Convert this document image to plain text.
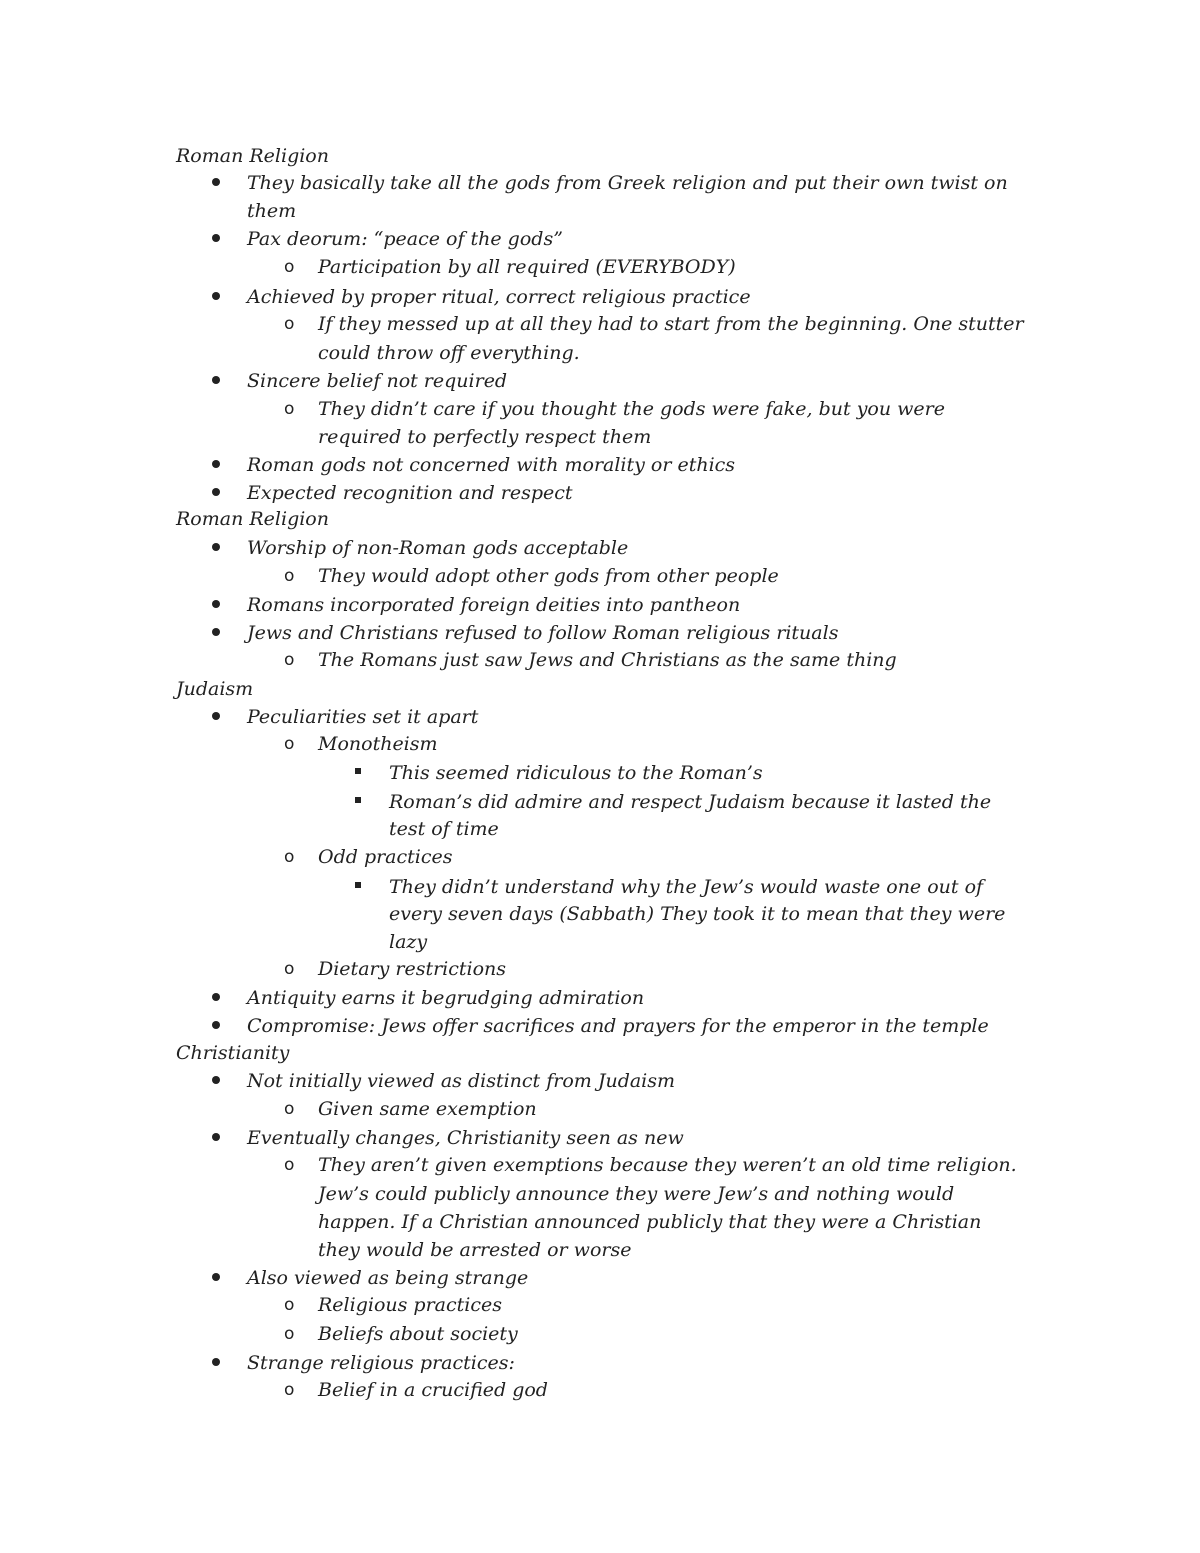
Roman Religion
They basically take all the gods from Greek religion and put their own twist on
them
Pax deorum: “peace of the gods”
o Participation by all required (EVERYBODY)
Achieved by proper ritual, correct religious practice
o If they messed up at all they had to start from the beginning. One stutter
could throw off everything.
Sincere belief not required
o They didn’t care if you thought the gods were fake, but you were
required to perfectly respect them
Roman gods not concerned with morality or ethics
Expected recognition and respect
Roman Religion
Worship of non-Roman gods acceptable
o They would adopt other gods from other people
Romans incorporated foreign deities into pantheon
Jews and Christians refused to follow Roman religious rituals
o The Romans just saw Jews and Christians as the same thing
Judaism
Peculiarities set it apart
o Monotheism
This seemed ridiculous to the Roman’s
Roman’s did admire and respect Judaism because it lasted the
test of time
o Odd practices
They didn’t understand why the Jew’s would waste one out of
every seven days (Sabbath) They took it to mean that they were
lazy
o Dietary restrictions
Antiquity earns it begrudging admiration
Compromise: Jews offer sacrifices and prayers for the emperor in the temple
Christianity
Not initially viewed as distinct from Judaism
o Given same exemption
Eventually changes, Christianity seen as new
o They aren’t given exemptions because they weren’t an old time religion.
Jew’s could publicly announce they were Jew’s and nothing would
happen. If a Christian announced publicly that they were a Christian
they would be arrested or worse
Also viewed as being strange
o Religious practices
o Beliefs about society
Strange religious practices:
o Belief in a crucified god
